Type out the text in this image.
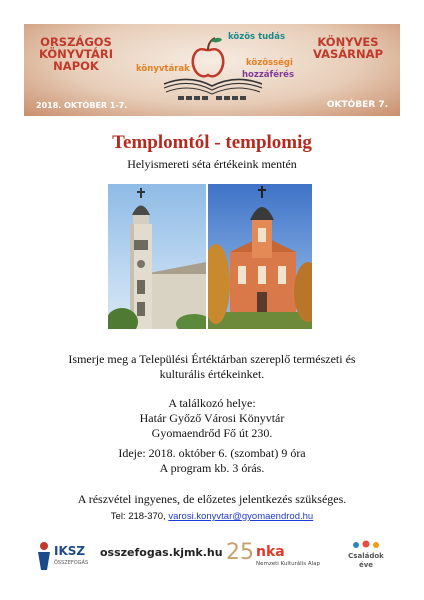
ORSZÁGOS
KÖNYVTÁRI
NAPOK
2018. OKTÓBER 1-7.
közös tudás
könyvtárak
közösségi
hozzáférés
KÖNYVES
VASÁRNAP
OKTÓBER 7.
Templomtól - templomig
Helyismereti séta értékeink mentén
Ismerje meg a Települési Értéktárban szereplő természeti és
kulturális értékeinket.
A találkozó helye:
Határ Győző Városi Könyvtár
Gyomaendrőd Fő út 230.
Ideje: 2018. október 6. (szombat) 9 óra
A program kb. 3 órás.
A részvétel ingyenes, de előzetes jelentkezés szükséges.
Tel: 218-370, varosi.konyvtar@gyomaendrod.hu
IKSZ
ÖSSZEFOGÁS
osszefogas.kjmk.hu 25 nka
Nemzeti Kulturális Alap
Családok
éve
